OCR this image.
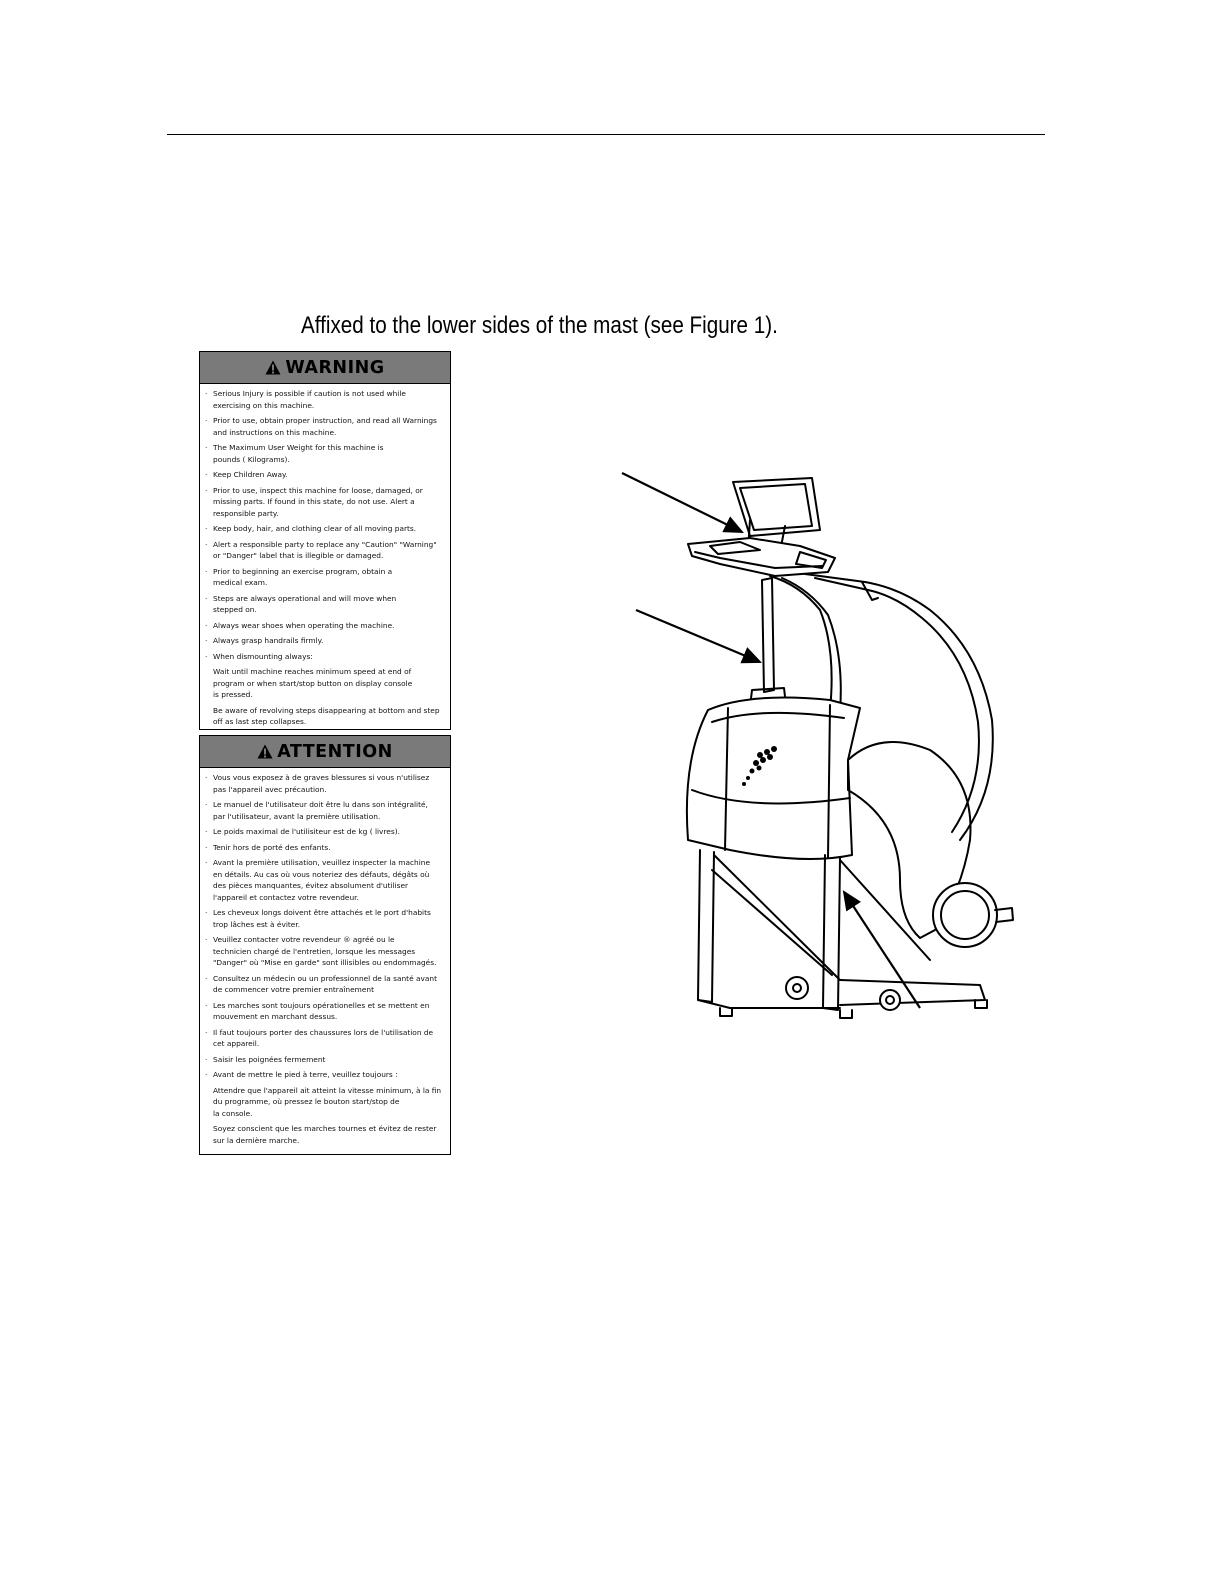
Affixed to the lower sides of the mast (see Figure 1).
WARNING
· Serious Injury is possible if caution is not used while
exercising on this machine.
· Prior to use, obtain proper instruction, and read all Warnings
and instructions on this machine.
· The Maximum User Weight for this machine is
pounds ( Kilograms).
· Keep Children Away.
· Prior to use, inspect this machine for loose, damaged, or
missing parts. If found in this state, do not use. Alert a
responsible party.
· Keep body, hair, and clothing clear of all moving parts.
· Alert a responsible party to replace any "Caution" "Warning"
or "Danger" label that is illegible or damaged.
· Prior to beginning an exercise program, obtain a
medical exam.
· Steps are always operational and will move when
stepped on.
· Always wear shoes when operating the machine.
· Always grasp handrails firmly.
· When dismounting always:
Wait until machine reaches minimum speed at end of
program or when start/stop button on display console
is pressed.
Be aware of revolving steps disappearing at bottom and step
off as last step collapses.
ATTENTION
· Vous vous exposez à de graves blessures si vous n'utilisez
pas l'appareil avec précaution.
· Le manuel de l'utilisateur doit être lu dans son intégralité,
par l'utilisateur, avant la première utilisation.
· Le poids maximal de l'utilisiteur est de kg ( livres).
· Tenir hors de porté des enfants.
· Avant la première utilisation, veuillez inspecter la machine
en détails. Au cas où vous noteriez des défauts, dégâts où
des pièces manquantes, évitez absolument d'utiliser
l'appareil et contactez votre revendeur.
· Les cheveux longs doivent être attachés et le port d'habits
trop lâches est à éviter.
· Veuillez contacter votre revendeur ® agréé ou le
technicien chargé de l'entretien, lorsque les messages
"Danger" où "Mise en garde" sont illisibles ou endommagés.
· Consultez un médecin ou un professionnel de la santé avant
de commencer votre premier entraînement
· Les marches sont toujours opérationelles et se mettent en
mouvement en marchant dessus.
· Il faut toujours porter des chaussures lors de l'utilisation de
cet appareil.
· Saisir les poignées fermement
· Avant de mettre le pied à terre, veuillez toujours :
Attendre que l'appareil ait atteint la vitesse minimum, à la fin
du programme, où pressez le bouton start/stop de
la console.
Soyez conscient que les marches tournes et évitez de rester
sur la dernière marche.
